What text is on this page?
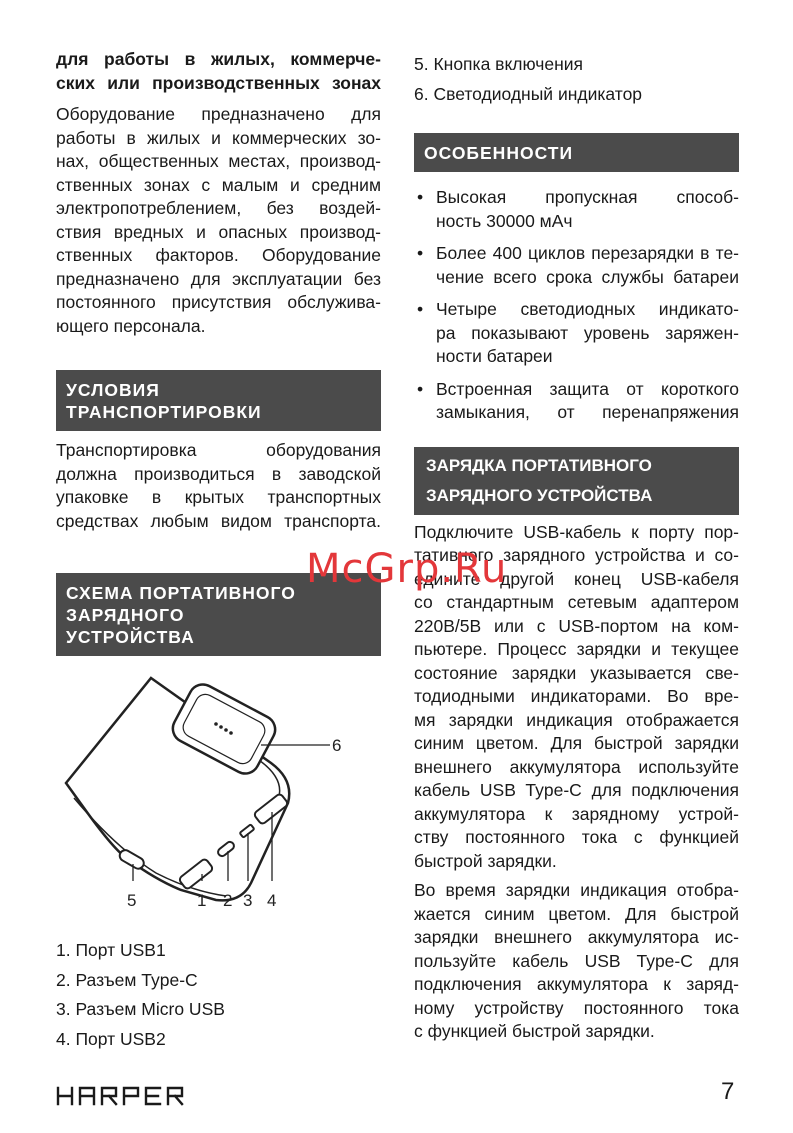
для работы в жилых, коммерче-

ских или производственных зонах

Оборудование предназначено для

работы в жилых и коммерческих зо-

нах, общественных местах, производ-

ственных зонах с малым и средним

электропотреблением, без воздей-

ствия вредных и опасных производ-

ственных факторов. Оборудование

предназначено для эксплуатации без

постоянного присутствия обслужива-

ющего персонала.

УСЛОВИЯ
ТРАНСПОРТИРОВКИ

Транспортировка оборудования

должна производиться в заводской

упаковке в крытых транспортных

средствах любым видом транспорта.

СХЕМА ПОРТАТИВНОГО
ЗАРЯДНОГО
УСТРОЙСТВА
5	1 2 3 4
6
1. Порт USB1
2. Разъем Type-C
3. Разъем Micro USB
4. Порт USB2
5. Кнопка включения
6. Светодиодный индикатор
ОСОБЕННОСТИ
• Высокая пропускная способ-

ность 30000 мАч

• Более 400 циклов перезарядки в те-

чение всего срока службы батареи

• Четыре светодиодных индикато-

ра показывают уровень заряжен-

ности батареи

• Встроенная защита от короткого

замыкания, от перенапряжения

ЗАРЯДКА ПОРТАТИВНОГО
ЗАРЯДНОГО УСТРОЙСТВА

Подключите USB-кабель к порту пор-

тативного зарядного устройства и со-

едините другой конец USB-кабеля

со стандартным сетевым адаптером

220В/5В или с USB-портом на ком-

пьютере. Процесс зарядки и текущее

состояние зарядки указывается све-

тодиодными индикаторами. Во вре-

мя зарядки индикация отображается

синим цветом. Для быстрой зарядки

внешнего аккумулятора используйте

кабель USB Type-C для подключения

аккумулятора к зарядному устрой-

ству постоянного тока с функцией

быстрой зарядки.

Во время зарядки индикация отобра-

жается синим цветом. Для быстрой

зарядки внешнего аккумулятора ис-

пользуйте кабель USB Type-C для

подключения аккумулятора к заряд-

ному устройству постоянного тока

с функцией быстрой зарядки.

McGrp.Ru
7
